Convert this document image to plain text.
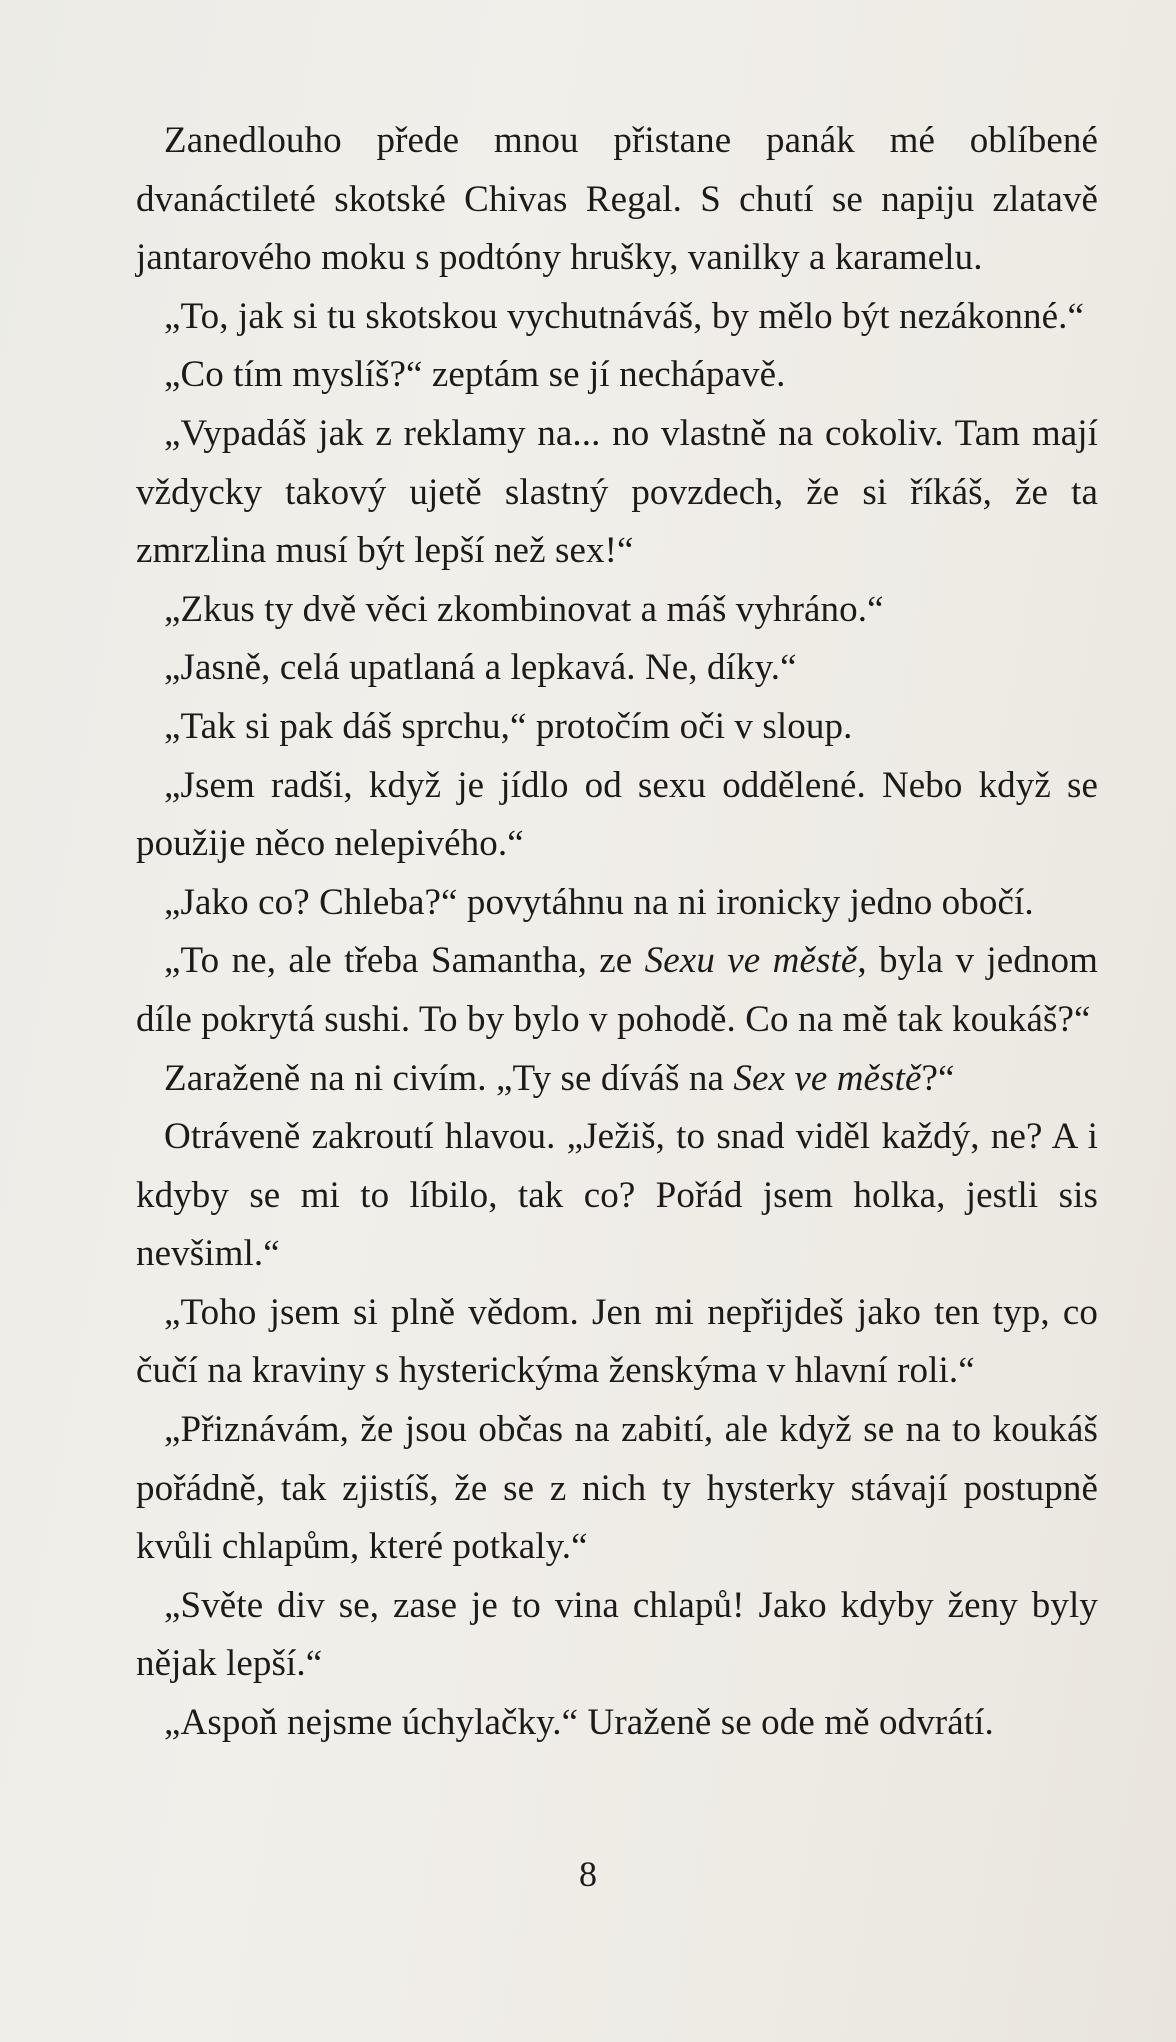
Zanedlouho přede mnou přistane panák mé oblíbené dvanáctileté skotské Chivas Regal. S chutí se napiju zlatavě jantarového moku s podtóny hrušky, vanilky a karamelu.

„To, jak si tu skotskou vychutnáváš, by mělo být nezákonné.“

„Co tím myslíš?“ zeptám se jí nechápavě.

„Vypadáš jak z reklamy na... no vlastně na cokoliv. Tam mají vždycky takový ujetě slastný povzdech, že si říkáš, že ta zmrzlina musí být lepší než sex!“

„Zkus ty dvě věci zkombinovat a máš vyhráno.“

„Jasně, celá upatlaná a lepkavá. Ne, díky.“

„Tak si pak dáš sprchu,“ protočím oči v sloup.

„Jsem radši, když je jídlo od sexu oddělené. Nebo když se použije něco nelepivého.“

„Jako co? Chleba?“ povytáhnu na ni ironicky jedno obočí.

„To ne, ale třeba Samantha, ze Sexu ve městě, byla v jednom díle pokrytá sushi. To by bylo v pohodě. Co na mě tak koukáš?“

Zaraženě na ni civím. „Ty se díváš na Sex ve městě?“

Otráveně zakroutí hlavou. „Ježiš, to snad viděl každý, ne? A i kdyby se mi to líbilo, tak co? Pořád jsem holka, jestli sis nevšiml.“

„Toho jsem si plně vědom. Jen mi nepřijdeš jako ten typ, co čučí na kraviny s hysterickýma ženskýma v hlavní roli.“

„Přiznávám, že jsou občas na zabití, ale když se na to koukáš pořádně, tak zjistíš, že se z nich ty hysterky stávají postupně kvůli chlapům, které potkaly.“

„Světe div se, zase je to vina chlapů! Jako kdyby ženy byly nějak lepší.“

„Aspoň nejsme úchylačky.“ Uraženě se ode mě odvrátí.

8
